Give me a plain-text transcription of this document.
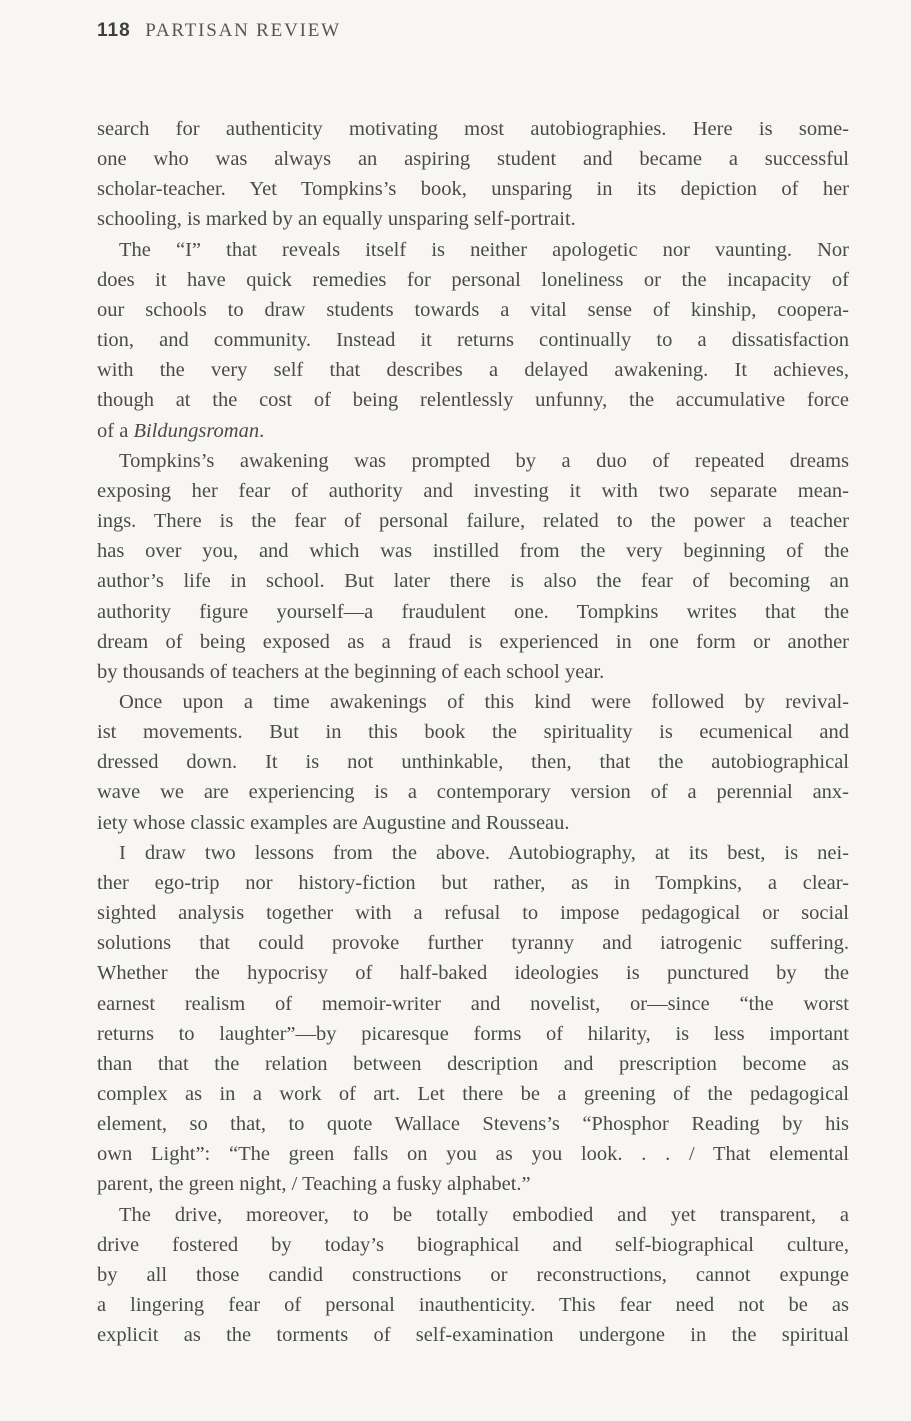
118 PARTISAN REVIEW

search for authenticity motivating most autobiographies. Here is some-
one who was always an aspiring student and became a successful
scholar-teacher. Yet Tompkins’s book, unsparing in its depiction of her
schooling, is marked by an equally unsparing self-portrait.

The “I” that reveals itself is neither apologetic nor vaunting. Nor
does it have quick remedies for personal loneliness or the incapacity of
our schools to draw students towards a vital sense of kinship, coopera-
tion, and community. Instead it returns continually to a dissatisfaction
with the very self that describes a delayed awakening. It achieves,
though at the cost of being relentlessly unfunny, the accumulative force
of a Bildungsroman.

Tompkins’s awakening was prompted by a duo of repeated dreams
exposing her fear of authority and investing it with two separate mean-
ings. There is the fear of personal failure, related to the power a teacher
has over you, and which was instilled from the very beginning of the
author’s life in school. But later there is also the fear of becoming an
authority figure yourself—a fraudulent one. Tompkins writes that the
dream of being exposed as a fraud is experienced in one form or another
by thousands of teachers at the beginning of each school year.

Once upon a time awakenings of this kind were followed by revival-
ist movements. But in this book the spirituality is ecumenical and
dressed down. It is not unthinkable, then, that the autobiographical
wave we are experiencing is a contemporary version of a perennial anx-
iety whose classic examples are Augustine and Rousseau.

I draw two lessons from the above. Autobiography, at its best, is nei-
ther ego-trip nor history-fiction but rather, as in Tompkins, a clear-
sighted analysis together with a refusal to impose pedagogical or social
solutions that could provoke further tyranny and iatrogenic suffering.
Whether the hypocrisy of half-baked ideologies is punctured by the
earnest realism of memoir-writer and novelist, or—since “the worst
returns to laughter”—by picaresque forms of hilarity, is less important
than that the relation between description and prescription become as
complex as in a work of art. Let there be a greening of the pedagogical
element, so that, to quote Wallace Stevens’s “Phosphor Reading by his
own Light”: “The green falls on you as you look. . . / That elemental
parent, the green night, / Teaching a fusky alphabet.”

The drive, moreover, to be totally embodied and yet transparent, a
drive fostered by today’s biographical and self-biographical culture,
by all those candid constructions or reconstructions, cannot expunge
a lingering fear of personal inauthenticity. This fear need not be as
explicit as the torments of self-examination undergone in the spiritual
